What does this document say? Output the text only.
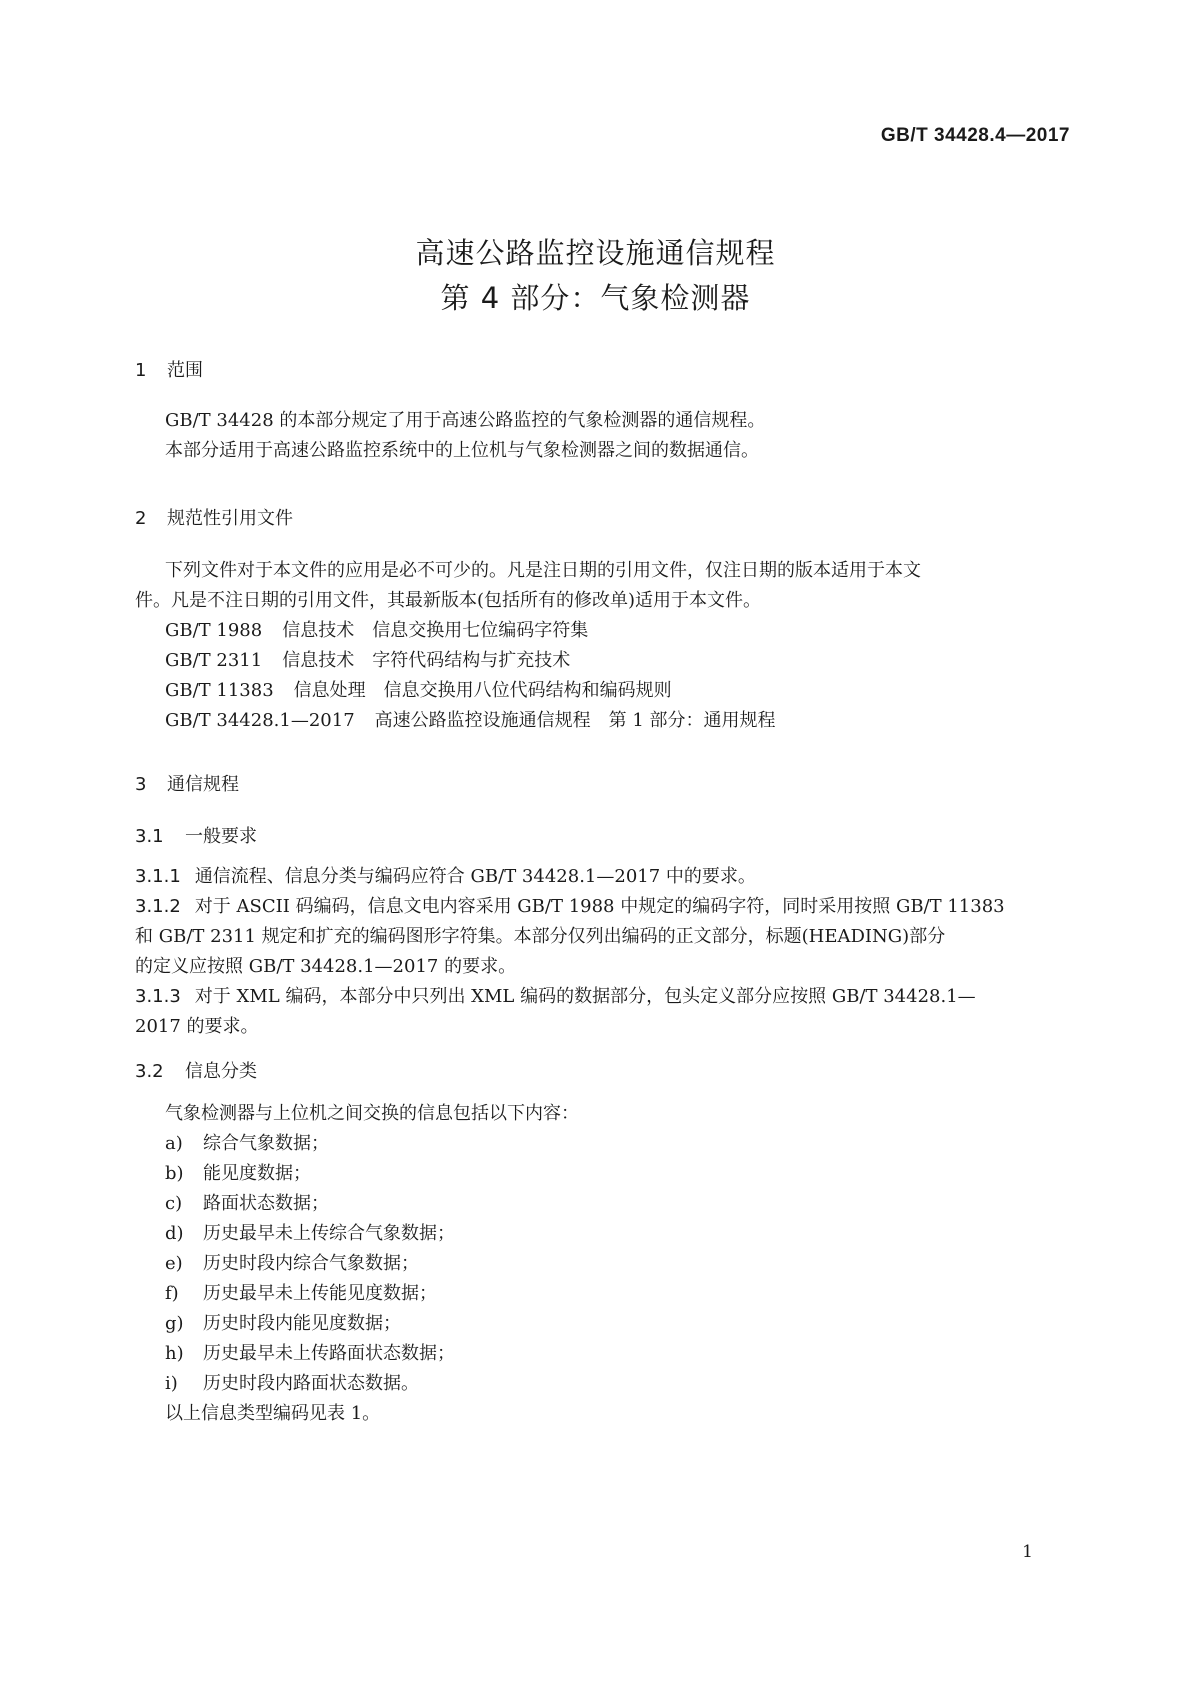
GB/T 34428.4—2017
高速公路监控设施通信规程
第 4 部分：气象检测器
1 范围
GB/T 34428 的本部分规定了用于高速公路监控的气象检测器的通信规程。
本部分适用于高速公路监控系统中的上位机与气象检测器之间的数据通信。
2 规范性引用文件
下列文件对于本文件的应用是必不可少的。凡是注日期的引用文件，仅注日期的版本适用于本文
件。凡是不注日期的引用文件，其最新版本(包括所有的修改单)适用于本文件。
GB/T 1988 信息技术　信息交换用七位编码字符集
GB/T 2311 信息技术　字符代码结构与扩充技术
GB/T 11383 信息处理　信息交换用八位代码结构和编码规则
GB/T 34428.1—2017 高速公路监控设施通信规程　第 1 部分：通用规程
3 通信规程
3.1 一般要求
3.1.1 通信流程、信息分类与编码应符合 GB/T 34428.1—2017 中的要求。
3.1.2 对于 ASCII 码编码，信息文电内容采用 GB/T 1988 中规定的编码字符，同时采用按照 GB/T 11383
和 GB/T 2311 规定和扩充的编码图形字符集。本部分仅列出编码的正文部分，标题(HEADING)部分
的定义应按照 GB/T 34428.1—2017 的要求。
3.1.3 对于 XML 编码，本部分中只列出 XML 编码的数据部分，包头定义部分应按照 GB/T 34428.1—
2017 的要求。
3.2 信息分类
气象检测器与上位机之间交换的信息包括以下内容：
a) 综合气象数据；
b) 能见度数据；
c) 路面状态数据；
d) 历史最早未上传综合气象数据；
e) 历史时段内综合气象数据；
f) 历史最早未上传能见度数据；
g) 历史时段内能见度数据；
h) 历史最早未上传路面状态数据；
i) 历史时段内路面状态数据。
以上信息类型编码见表 1。
1
